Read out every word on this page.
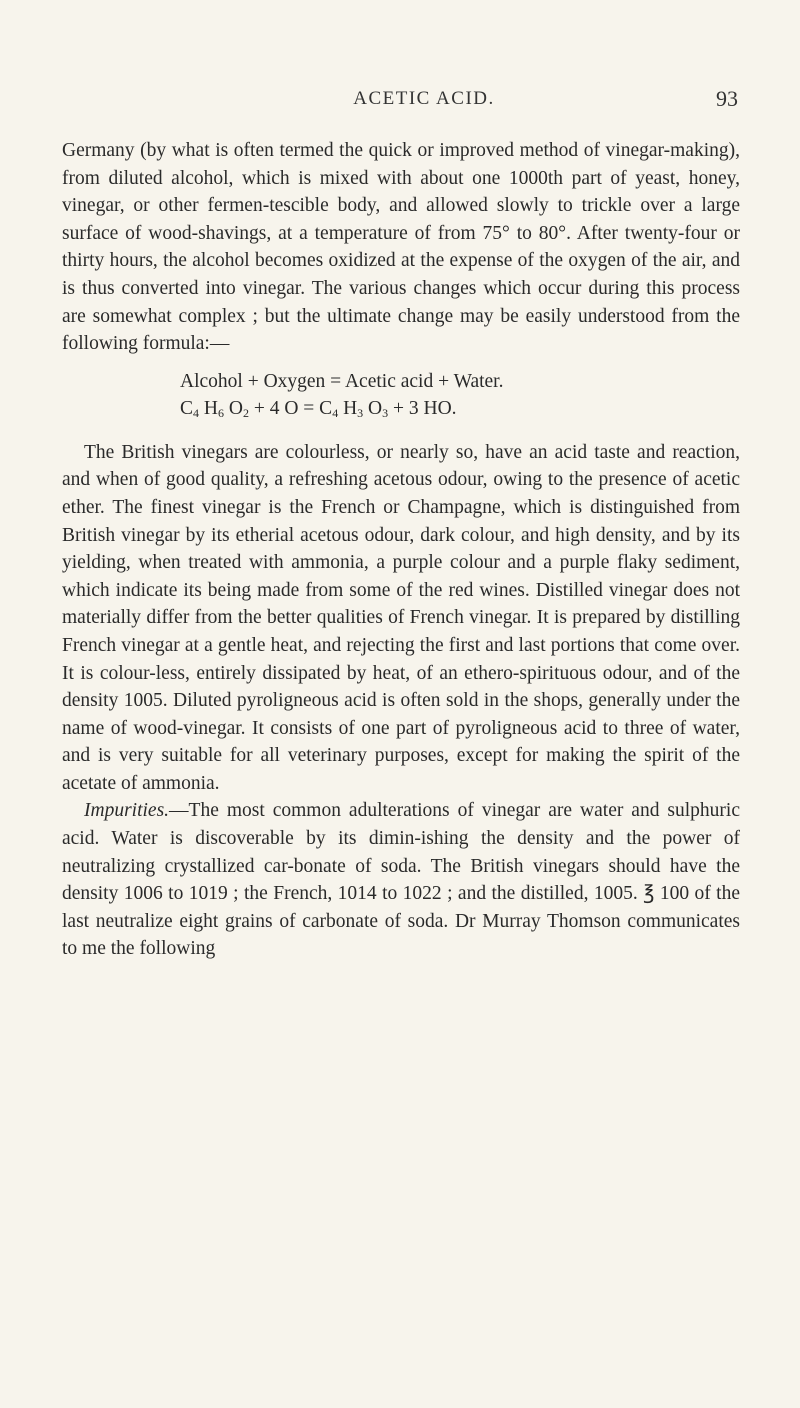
ACETIC ACID.	93

Germany (by what is often termed the quick or improved method of vinegar-making), from diluted alcohol, which is mixed with about one 1000th part of yeast, honey, vinegar, or other fermen-tescible body, and allowed slowly to trickle over a large surface of wood-shavings, at a temperature of from 75° to 80°. After twenty-four or thirty hours, the alcohol becomes oxidized at the expense of the oxygen of the air, and is thus converted into vinegar. The various changes which occur during this process are somewhat complex ; but the ultimate change may be easily understood from the following formula:—

Alcohol + Oxygen = Acetic acid + Water.
$C_4$ $H_6$ $O_2 + 4$ $O = C_4$ $H_3$ $O_3 + 3$ HO.

The British vinegars are colourless, or nearly so, have an acid taste and reaction, and when of good quality, a refreshing acetous odour, owing to the presence of acetic ether. The finest vinegar is the French or Champagne, which is distinguished from British vinegar by its etherial acetous odour, dark colour, and high density, and by its yielding, when treated with ammonia, a purple colour and a purple flaky sediment, which indicate its being made from some of the red wines. Distilled vinegar does not materially differ from the better qualities of French vinegar. It is prepared by distilling French vinegar at a gentle heat, and rejecting the first and last portions that come over. It is colour-less, entirely dissipated by heat, of an ethero-spirituous odour, and of the density 1005. Diluted pyroligneous acid is often sold in the shops, generally under the name of wood-vinegar. It consists of one part of pyroligneous acid to three of water, and is very suitable for all veterinary purposes, except for making the spirit of the acetate of ammonia.

Impurities.—The most common adulterations of vinegar are water and sulphuric acid. Water is discoverable by its dimin-ishing the density and the power of neutralizing crystallized car-bonate of soda. The British vinegars should have the density 1006 to 1019 ; the French, 1014 to 1022 ; and the distilled, 1005. ℥ 100 of the last neutralize eight grains of carbonate of soda. Dr Murray Thomson communicates to me the following
